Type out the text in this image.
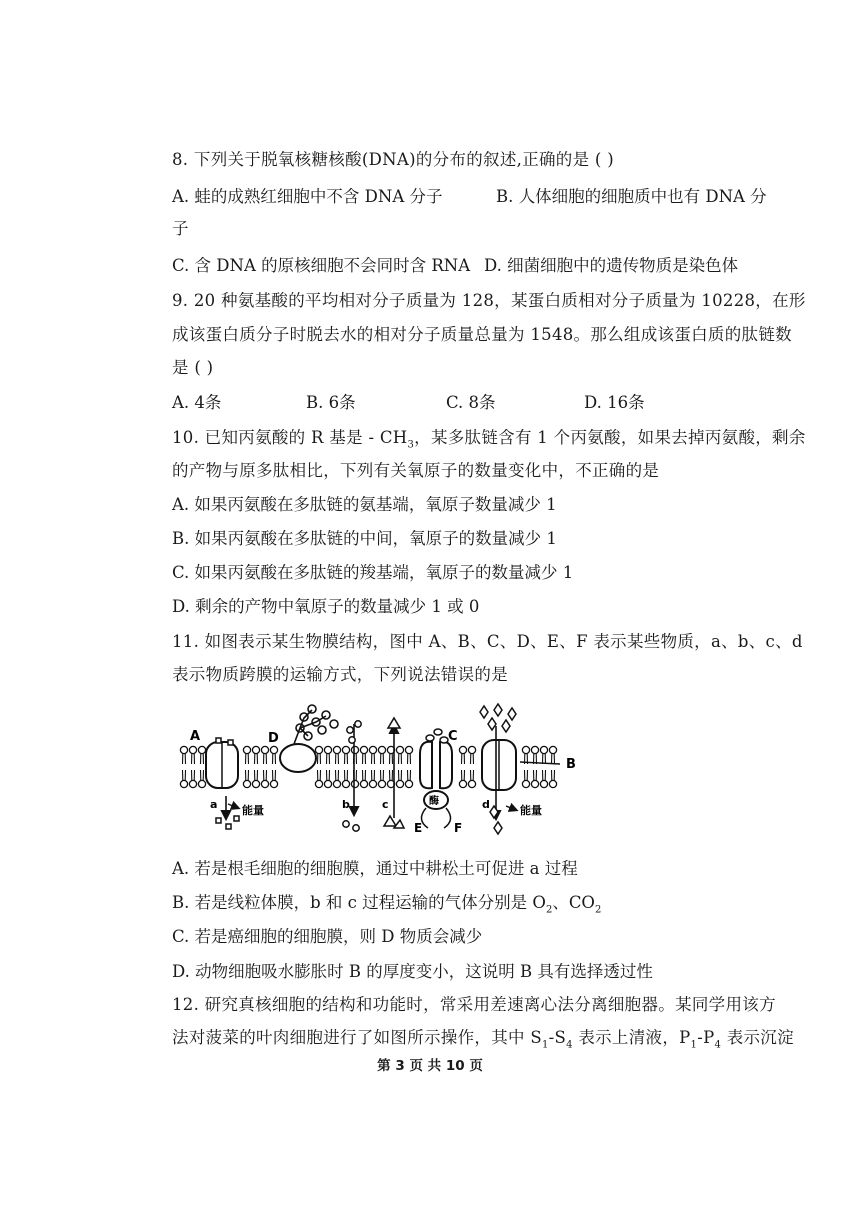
8. 下列关于脱氧核糖核酸(DNA)的分布的叙述,正确的是 ( )
A. 蛙的成熟红细胞中不含 DNA 分子	B. 人体细胞的细胞质中也有 DNA 分
子
C. 含 DNA 的原核细胞不会同时含 RNA D. 细菌细胞中的遗传物质是染色体
9. 20 种氨基酸的平均相对分子质量为 128，某蛋白质相对分子质量为 10228，在形
成该蛋白质分子时脱去水的相对分子质量总量为 1548。那么组成该蛋白质的肽链数
是 ( )
A. 4条	B. 6条	C. 8条	D. 16条
10. 已知丙氨酸的 R 基是 - $CH_3$，某多肽链含有 1 个丙氨酸，如果去掉丙氨酸，剩余
的产物与原多肽相比，下列有关氧原子的数量变化中，不正确的是
A. 如果丙氨酸在多肽链的氨基端，氧原子数量减少 1
B. 如果丙氨酸在多肽链的中间，氧原子的数量减少 1
C. 如果丙氨酸在多肽链的羧基端，氧原子的数量减少 1
D. 剩余的产物中氧原子的数量减少 1 或 0
11. 如图表示某生物膜结构，图中 A、B、C、D、E、F 表示某些物质，a、b、c、d
表示物质跨膜的运输方式，下列说法错误的是
A
B
C
D
E	F
a	b	c	d
能量	能量
酶
A. 若是根毛细胞的细胞膜，通过中耕松土可促进 a 过程
B. 若是线粒体膜，b 和 c 过程运输的气体分别是 $O_2$、$CO_2$
C. 若是癌细胞的细胞膜，则 D 物质会减少
D. 动物细胞吸水膨胀时 B 的厚度变小，这说明 B 具有选择透过性
12. 研究真核细胞的结构和功能时，常采用差速离心法分离细胞器。某同学用该方
法对菠菜的叶肉细胞进行了如图所示操作，其中 $S_1-S_4$ 表示上清液，$P_1-P_4$ 表示沉淀
第 3 页 共 10 页
